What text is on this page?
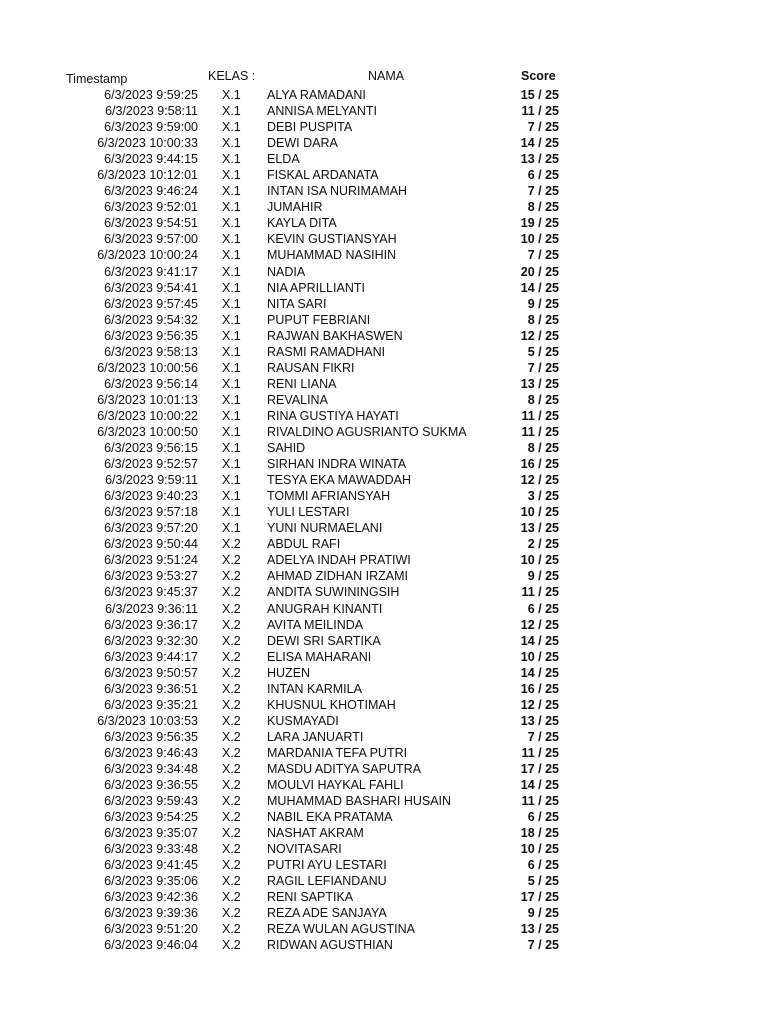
Timestamp	KELAS :	NAMA	Score
6/3/2023 9:59:25 X.1 ALYA RAMADANI	15 / 25
6/3/2023 9:58:11 X.1 ANNISA MELYANTI	11 / 25
6/3/2023 9:59:00 X.1 DEBI PUSPITA	7 / 25
6/3/2023 10:00:33 X.1 DEWI DARA	14 / 25
6/3/2023 9:44:15 X.1 ELDA	13 / 25
6/3/2023 10:12:01 X.1 FISKAL ARDANATA	6 / 25
6/3/2023 9:46:24 X.1 INTAN ISA NURIMAMAH	7 / 25
6/3/2023 9:52:01 X.1 JUMAHIR	8 / 25
6/3/2023 9:54:51 X.1 KAYLA DITA	19 / 25
6/3/2023 9:57:00 X.1 KEVIN GUSTIANSYAH	10 / 25
6/3/2023 10:00:24 X.1 MUHAMMAD NASIHIN	7 / 25
6/3/2023 9:41:17 X.1 NADIA	20 / 25
6/3/2023 9:54:41 X.1 NIA APRILLIANTI	14 / 25
6/3/2023 9:57:45 X.1 NITA SARI	9 / 25
6/3/2023 9:54:32 X.1 PUPUT FEBRIANI	8 / 25
6/3/2023 9:56:35 X.1 RAJWAN BAKHASWEN	12 / 25
6/3/2023 9:58:13 X.1 RASMI RAMADHANI	5 / 25
6/3/2023 10:00:56 X.1 RAUSAN FIKRI	7 / 25
6/3/2023 9:56:14 X.1 RENI LIANA	13 / 25
6/3/2023 10:01:13 X.1 REVALINA	8 / 25
6/3/2023 10:00:22 X.1 RINA GUSTIYA HAYATI	11 / 25
6/3/2023 10:00:50 X.1 RIVALDINO AGUSRIANTO SUKMA	11 / 25
6/3/2023 9:56:15 X.1 SAHID	8 / 25
6/3/2023 9:52:57 X.1 SIRHAN INDRA WINATA	16 / 25
6/3/2023 9:59:11 X.1 TESYA EKA MAWADDAH	12 / 25
6/3/2023 9:40:23 X.1 TOMMI AFRIANSYAH	3 / 25
6/3/2023 9:57:18 X.1 YULI LESTARI	10 / 25
6/3/2023 9:57:20 X.1 YUNI NURMAELANI	13 / 25
6/3/2023 9:50:44 X.2 ABDUL RAFI	2 / 25
6/3/2023 9:51:24 X.2 ADELYA INDAH PRATIWI	10 / 25
6/3/2023 9:53:27 X.2 AHMAD ZIDHAN IRZAMI	9 / 25
6/3/2023 9:45:37 X.2 ANDITA SUWININGSIH	11 / 25
6/3/2023 9:36:11 X.2 ANUGRAH KINANTI	6 / 25
6/3/2023 9:36:17 X.2 AVITA MEILINDA	12 / 25
6/3/2023 9:32:30 X.2 DEWI SRI SARTIKA	14 / 25
6/3/2023 9:44:17 X.2 ELISA MAHARANI	10 / 25
6/3/2023 9:50:57 X.2 HUZEN	14 / 25
6/3/2023 9:36:51 X.2 INTAN KARMILA	16 / 25
6/3/2023 9:35:21 X.2 KHUSNUL KHOTIMAH	12 / 25
6/3/2023 10:03:53 X.2 KUSMAYADI	13 / 25
6/3/2023 9:56:35 X.2 LARA JANUARTI	7 / 25
6/3/2023 9:46:43 X.2 MARDANIA TEFA PUTRI	11 / 25
6/3/2023 9:34:48 X.2 MASDU ADITYA SAPUTRA	17 / 25
6/3/2023 9:36:55 X.2 MOULVI HAYKAL FAHLI	14 / 25
6/3/2023 9:59:43 X.2 MUHAMMAD BASHARI HUSAIN	11 / 25
6/3/2023 9:54:25 X.2 NABIL EKA PRATAMA	6 / 25
6/3/2023 9:35:07 X.2 NASHAT AKRAM	18 / 25
6/3/2023 9:33:48 X.2 NOVITASARI	10 / 25
6/3/2023 9:41:45 X.2 PUTRI AYU LESTARI	6 / 25
6/3/2023 9:35:06 X.2 RAGIL LEFIANDANU	5 / 25
6/3/2023 9:42:36 X.2 RENI SAPTIKA	17 / 25
6/3/2023 9:39:36 X.2 REZA ADE SANJAYA	9 / 25
6/3/2023 9:51:20 X.2 REZA WULAN AGUSTINA	13 / 25
6/3/2023 9:46:04 X.2 RIDWAN AGUSTHIAN	7 / 25
